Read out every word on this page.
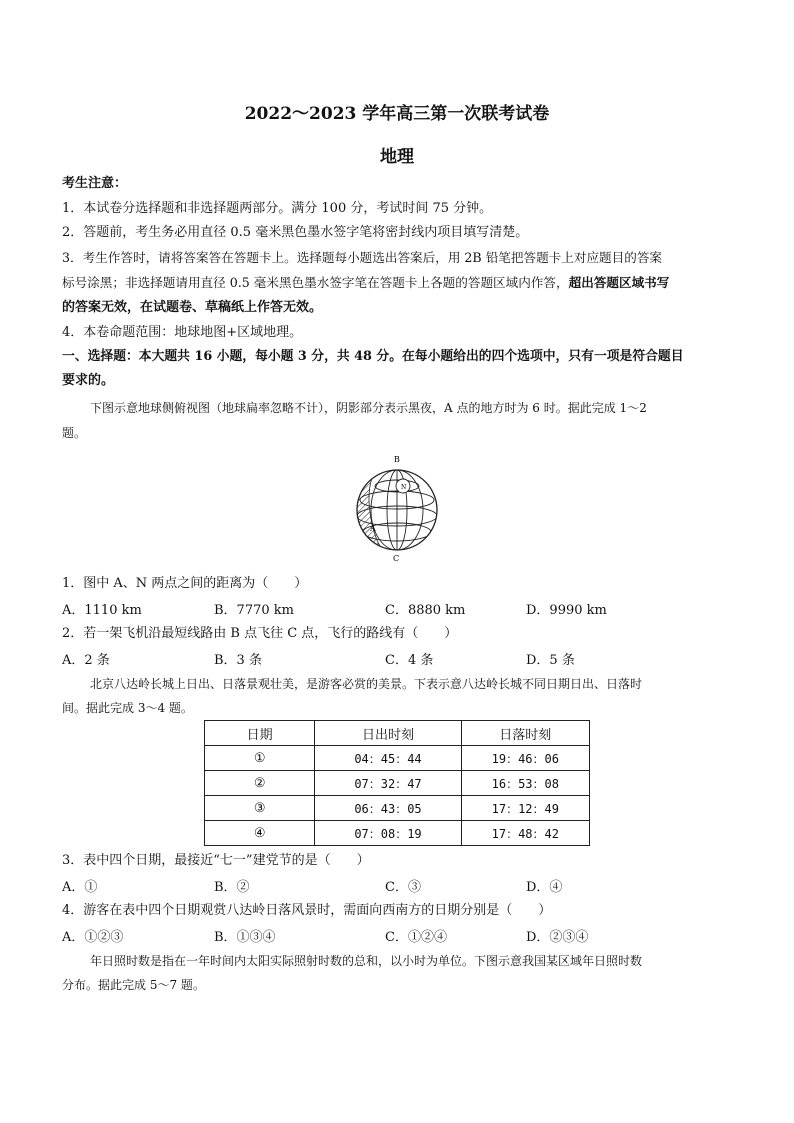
2022～2023 学年高三第一次联考试卷
地理
考生注意：
1．本试卷分选择题和非选择题两部分。满分 100 分，考试时间 75 分钟。
2．答题前，考生务必用直径 0.5 毫米黑色墨水签字笔将密封线内项目填写清楚。
3．考生作答时，请将答案答在答题卡上。选择题每小题选出答案后，用 2B 铅笔把答题卡上对应题目的答案
标号涂黑；非选择题请用直径 0.5 毫米黑色墨水签字笔在答题卡上各题的答题区域内作答，超出答题区域书写
的答案无效，在试题卷、草稿纸上作答无效。
4．本卷命题范围：地球地图+区域地理。
一、选择题：本大题共 16 小题，每小题 3 分，共 48 分。在每小题给出的四个选项中，只有一项是符合题目
要求的。
下图示意地球侧俯视图（地球扁率忽略不计），阴影部分表示黑夜，A 点的地方时为 6 时。据此完成 1～2
题。
B
N
A
C
1．图中 A、N 两点之间的距离为（　　）
A．1110 km	B．7770 km	C．8880 km	D．9990 km
2．若一架飞机沿最短线路由 B 点飞往 C 点，飞行的路线有（　　）
A．2 条	B．3 条	C．4 条	D．5 条
北京八达岭长城上日出、日落景观壮美，是游客必赏的美景。下表示意八达岭长城不同日期日出、日落时
间。据此完成 3～4 题。
日期	日出时刻	日落时刻
①	04：45：44	19：46：06
②	07：32：47	16：53：08
③	06：43：05	17：12：49
④	07：08：19	17：48：42
3．表中四个日期，最接近“七一”建党节的是（　　）
A．①	B．②	C．③	D．④
4．游客在表中四个日期观赏八达岭日落风景时，需面向西南方的日期分别是（　　）
A．①②③	B．①③④	C．①②④	D．②③④
年日照时数是指在一年时间内太阳实际照射时数的总和，以小时为单位。下图示意我国某区域年日照时数
分布。据此完成 5～7 题。
